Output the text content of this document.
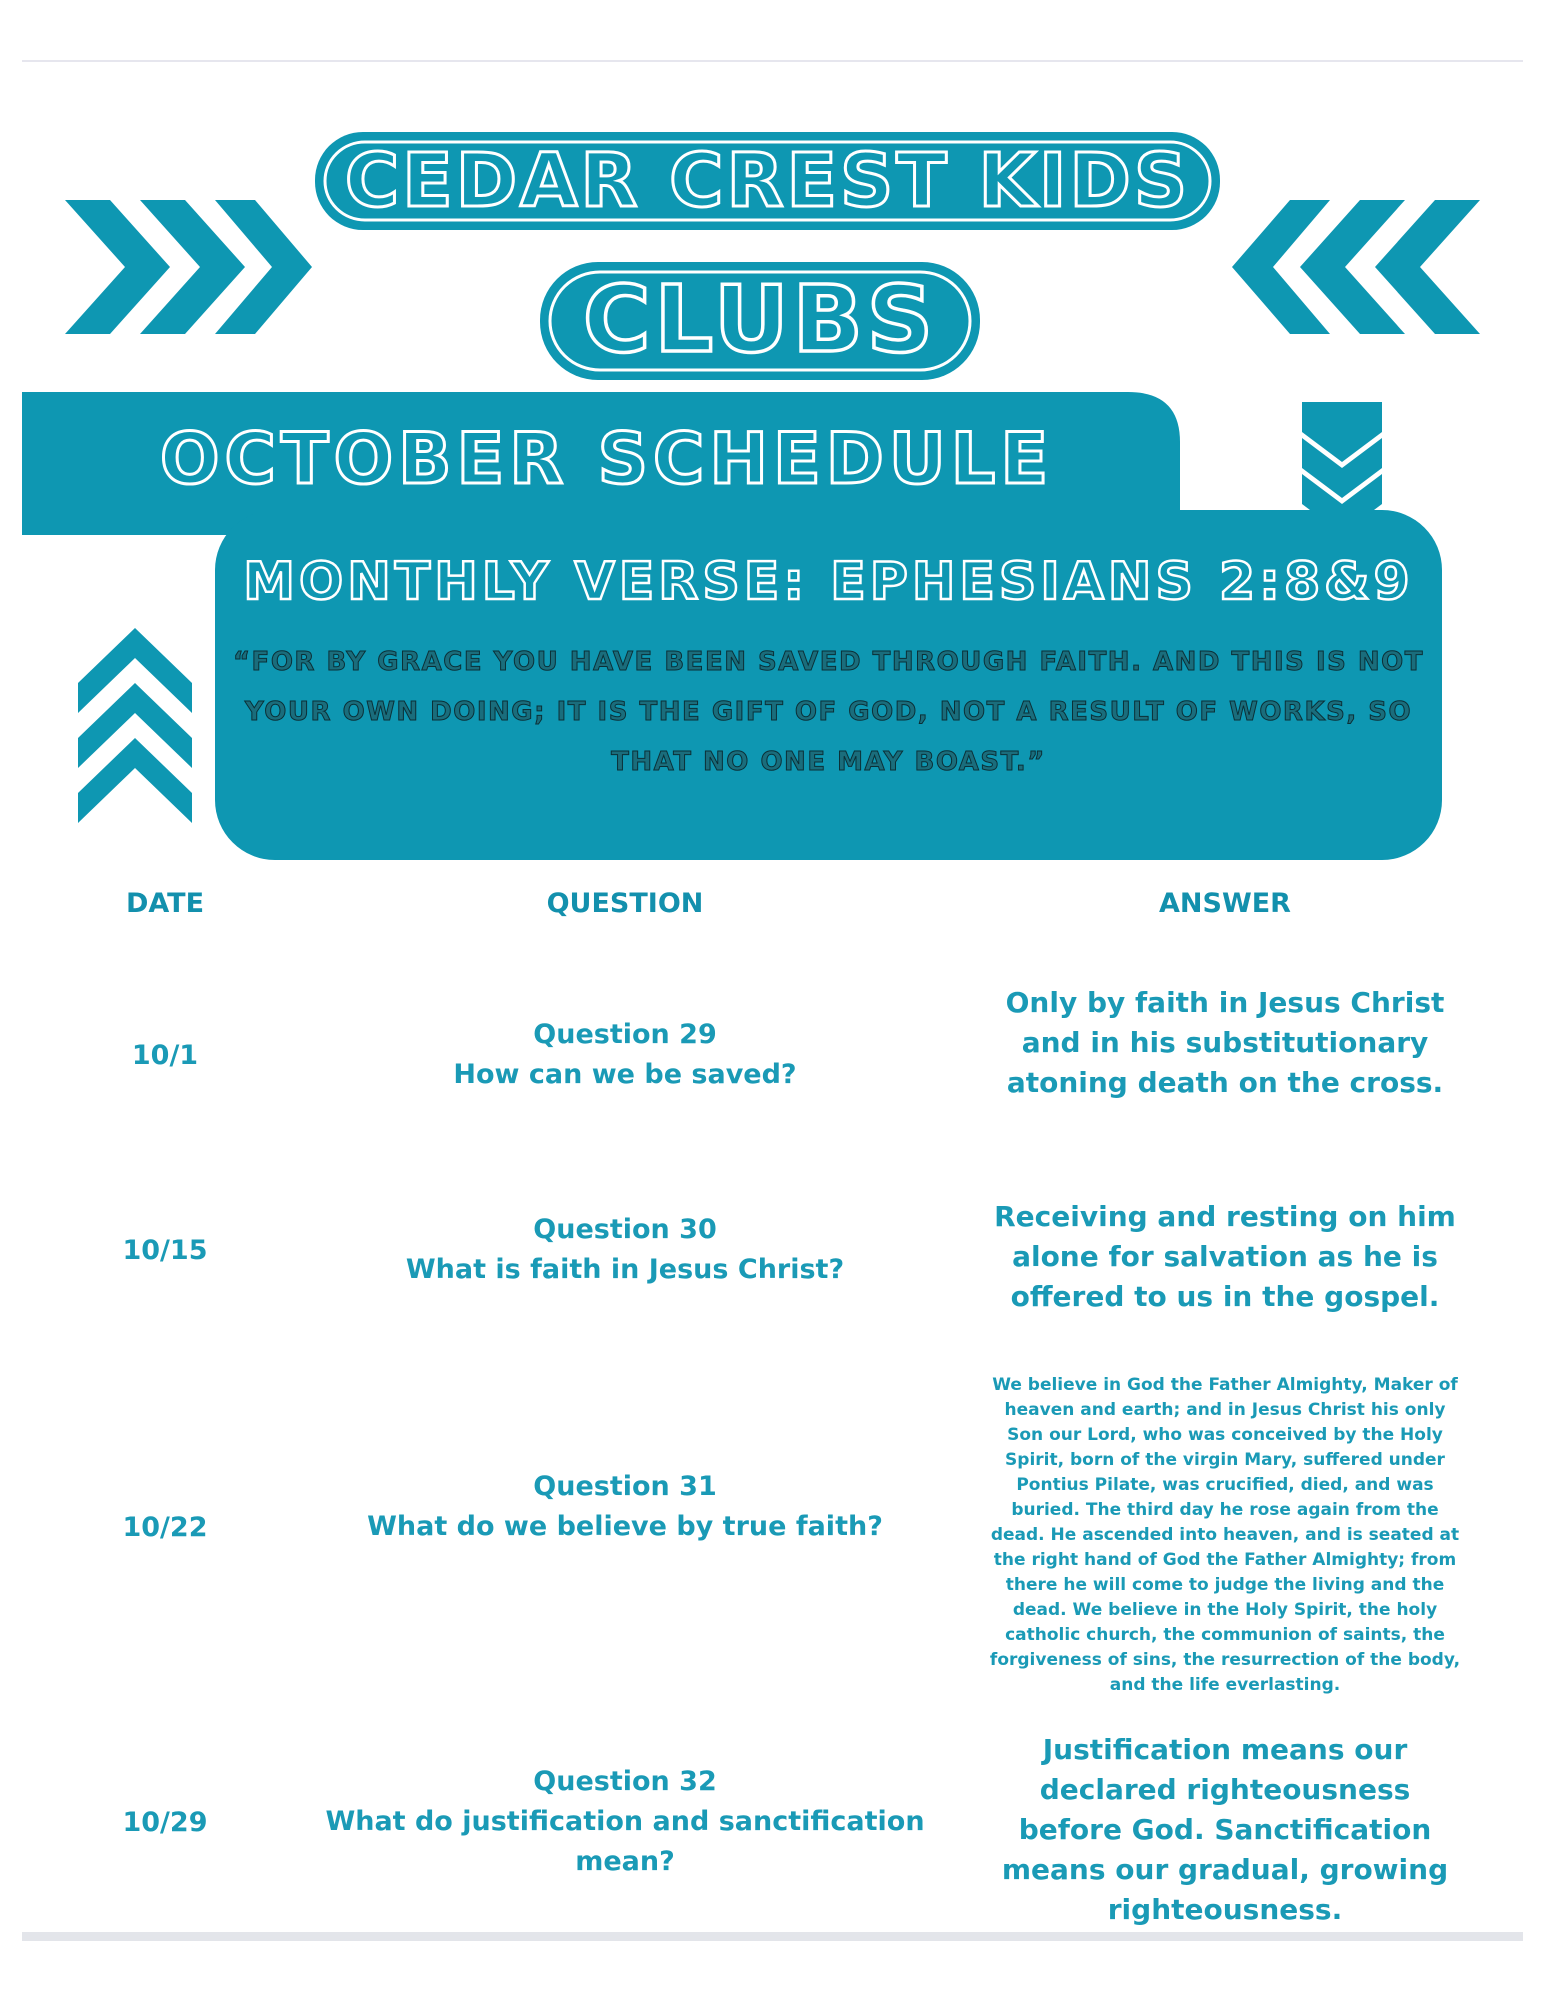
CEDAR CREST KIDS
CLUBS
OCTOBER SCHEDULE
MONTHLY VERSE: EPHESIANS 2:8&9
“FOR BY GRACE YOU HAVE BEEN SAVED THROUGH FAITH. AND THIS IS NOT YOUR OWN DOING; IT IS THE GIFT OF GOD, NOT A RESULT OF WORKS, SO THAT NO ONE MAY BOAST.”
DATE	QUESTION	ANSWER
10/1
Question 29
How can we be saved?
Only by faith in Jesus Christ and in his substitutionary atoning death on the cross.
10/15
Question 30
What is faith in Jesus Christ?
Receiving and resting on him alone for salvation as he is offered to us in the gospel.
10/22
Question 31
What do we believe by true faith?
We believe in God the Father Almighty, Maker of heaven and earth; and in Jesus Christ his only Son our Lord, who was conceived by the Holy Spirit, born of the virgin Mary, suffered under Pontius Pilate, was crucified, died, and was buried. The third day he rose again from the dead. He ascended into heaven, and is seated at the right hand of God the Father Almighty; from there he will come to judge the living and the dead. We believe in the Holy Spirit, the holy catholic church, the communion of saints, the forgiveness of sins, the resurrection of the body, and the life everlasting.
10/29
Question 32
What do justification and sanctification mean?
Justification means our declared righteousness before God. Sanctification means our gradual, growing righteousness.
